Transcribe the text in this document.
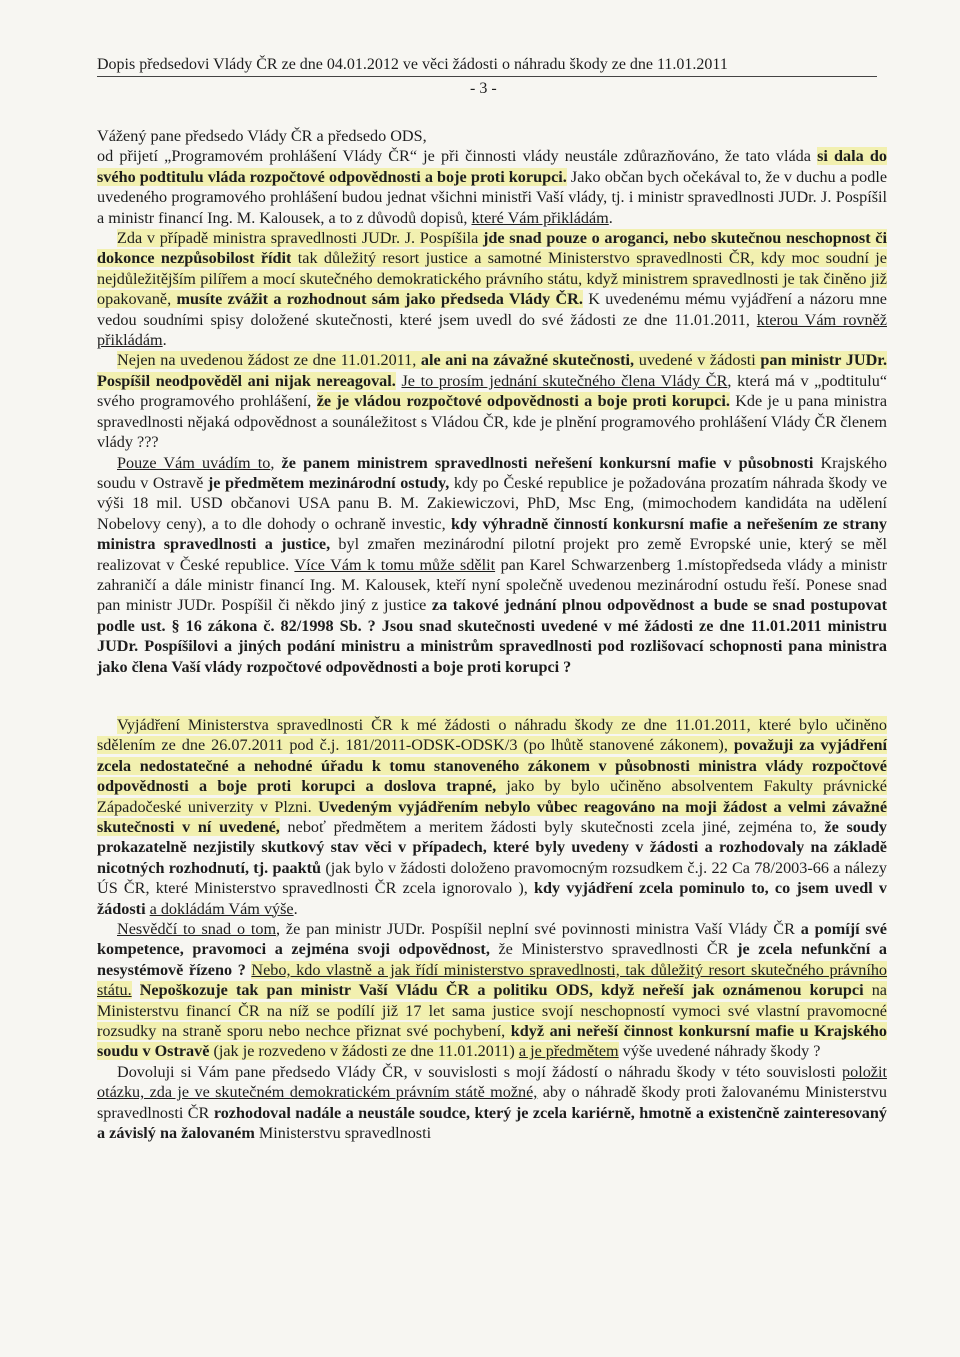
Dopis předsedovi Vlády ČR ze dne 04.01.2012 ve věci žádosti o náhradu škody ze dne 11.01.2011
- 3 -

Vážený pane předsedo Vlády ČR a předsedo ODS,

od přijetí „Programovém prohlášení Vlády ČR“ je při činnosti vlády neustále zdůrazňováno, že tato vláda si dala do svého podtitulu vláda rozpočtové odpovědnosti a boje proti korupci. Jako občan bych očekával to, že v duchu a podle uvedeného programového prohlášení budou jednat všichni ministři Vaší vlády, tj. i ministr spravedlnosti JUDr. J. Pospíšil a ministr financí Ing. M. Kalousek, a to z důvodů dopisů, které Vám přikládám.

Zda v případě ministra spravedlnosti JUDr. J. Pospíšila jde snad pouze o aroganci, nebo skutečnou neschopnost či dokonce nezpůsobilost řídit tak důležitý resort justice a samotné Ministerstvo spravedlnosti ČR, kdy moc soudní je nejdůležitějším pilířem a mocí skutečného demokratického právního státu, když ministrem spravedlnosti je tak činěno již opakovaně, musíte zvážit a rozhodnout sám jako předseda Vlády ČR. K uvedenému mému vyjádření a názoru mne vedou soudními spisy doložené skutečnosti, které jsem uvedl do své žádosti ze dne 11.01.2011, kterou Vám rovněž přikládám.

Nejen na uvedenou žádost ze dne 11.01.2011, ale ani na závažné skutečnosti, uvedené v žádosti pan ministr JUDr. Pospíšil neodpověděl ani nijak nereagoval. Je to prosím jednání skutečného člena Vlády ČR, která má v „podtitulu“ svého programového prohlášení, že je vládou rozpočtové odpovědnosti a boje proti korupci. Kde je u pana ministra spravedlnosti nějaká odpovědnost a sounáležitost s Vládou ČR, kde je plnění programového prohlášení Vlády ČR členem vlády ???

Pouze Vám uvádím to, že panem ministrem spravedlnosti neřešení konkursní mafie v působnosti Krajského soudu v Ostravě je předmětem mezinárodní ostudy, kdy po České republice je požadována prozatím náhrada škody ve výši 18 mil. USD občanovi USA panu B. M. Zakiewiczovi, PhD, Msc Eng, (mimochodem kandidáta na udělení Nobelovy ceny), a to dle dohody o ochraně investic, kdy výhradně činností konkursní mafie a neřešením ze strany ministra spravedlnosti a justice, byl zmařen mezinárodní pilotní projekt pro země Evropské unie, který se měl realizovat v České republice. Více Vám k tomu může sdělit pan Karel Schwarzenberg 1.místopředseda vlády a ministr zahraničí a dále ministr financí Ing. M. Kalousek, kteří nyní společně uvedenou mezinárodní ostudu řeší. Ponese snad pan ministr JUDr. Pospíšil či někdo jiný z justice za takové jednání plnou odpovědnost a bude se snad postupovat podle ust. § 16 zákona č. 82/1998 Sb. ? Jsou snad skutečnosti uvedené v mé žádosti ze dne 11.01.2011 ministru JUDr. Pospíšilovi a jiných podání ministru a ministrům spravedlnosti pod rozlišovací schopnosti pana ministra jako člena Vaší vlády rozpočtové odpovědnosti a boje proti korupci ?

Vyjádření Ministerstva spravedlnosti ČR k mé žádosti o náhradu škody ze dne 11.01.2011, které bylo učiněno sdělením ze dne 26.07.2011 pod č.j. 181/2011-ODSK-ODSK/3 (po lhůtě stanovené zákonem), považuji za vyjádření zcela nedostatečné a nehodné úřadu k tomu stanoveného zákonem v působnosti ministra vlády rozpočtové odpovědnosti a boje proti korupci a doslova trapné, jako by bylo učiněno absolventem Fakulty právnické Západočeské univerzity v Plzni. Uvedeným vyjádřením nebylo vůbec reagováno na moji žádost a velmi závažné skutečnosti v ní uvedené, neboť předmětem a meritem žádosti byly skutečnosti zcela jiné, zejména to, že soudy prokazatelně nezjistily skutkový stav věci v případech, které byly uvedeny v žádosti a rozhodovaly na základě nicotných rozhodnutí, tj. paaktů (jak bylo v žádosti doloženo pravomocným rozsudkem č.j. 22 Ca 78/2003-66 a nálezy ÚS ČR, které Ministerstvo spravedlnosti ČR zcela ignorovalo ), kdy vyjádření zcela pominulo to, co jsem uvedl v žádosti a dokládám Vám výše.

Nesvědčí to snad o tom, že pan ministr JUDr. Pospíšil neplní své povinnosti ministra Vaší Vlády ČR a pomíjí své kompetence, pravomoci a zejména svoji odpovědnost, že Ministerstvo spravedlnosti ČR je zcela nefunkční a nesystémově řízeno ? Nebo, kdo vlastně a jak řídí ministerstvo spravedlnosti, tak důležitý resort skutečného právního státu. Nepoškozuje tak pan ministr Vaší Vládu ČR a politiku ODS, když neřeší jak oznámenou korupci na Ministerstvu financí ČR na níž se podílí již 17 let sama justice svojí neschopností vymoci své vlastní pravomocné rozsudky na straně sporu nebo nechce přiznat své pochybení, když ani neřeší činnost konkursní mafie u Krajského soudu v Ostravě (jak je rozvedeno v žádosti ze dne 11.01.2011) a je předmětem výše uvedené náhrady škody ?

Dovoluji si Vám pane předsedo Vlády ČR, v souvislosti s mojí žádostí o náhradu škody v této souvislosti položit otázku, zda je ve skutečném demokratickém právním státě možné, aby o náhradě škody proti žalovanému Ministerstvu spravedlnosti ČR rozhodoval nadále a neustále soudce, který je zcela kariérně, hmotně a existenčně zainteresovaný a závislý na žalovaném Ministerstvu spravedlnosti
